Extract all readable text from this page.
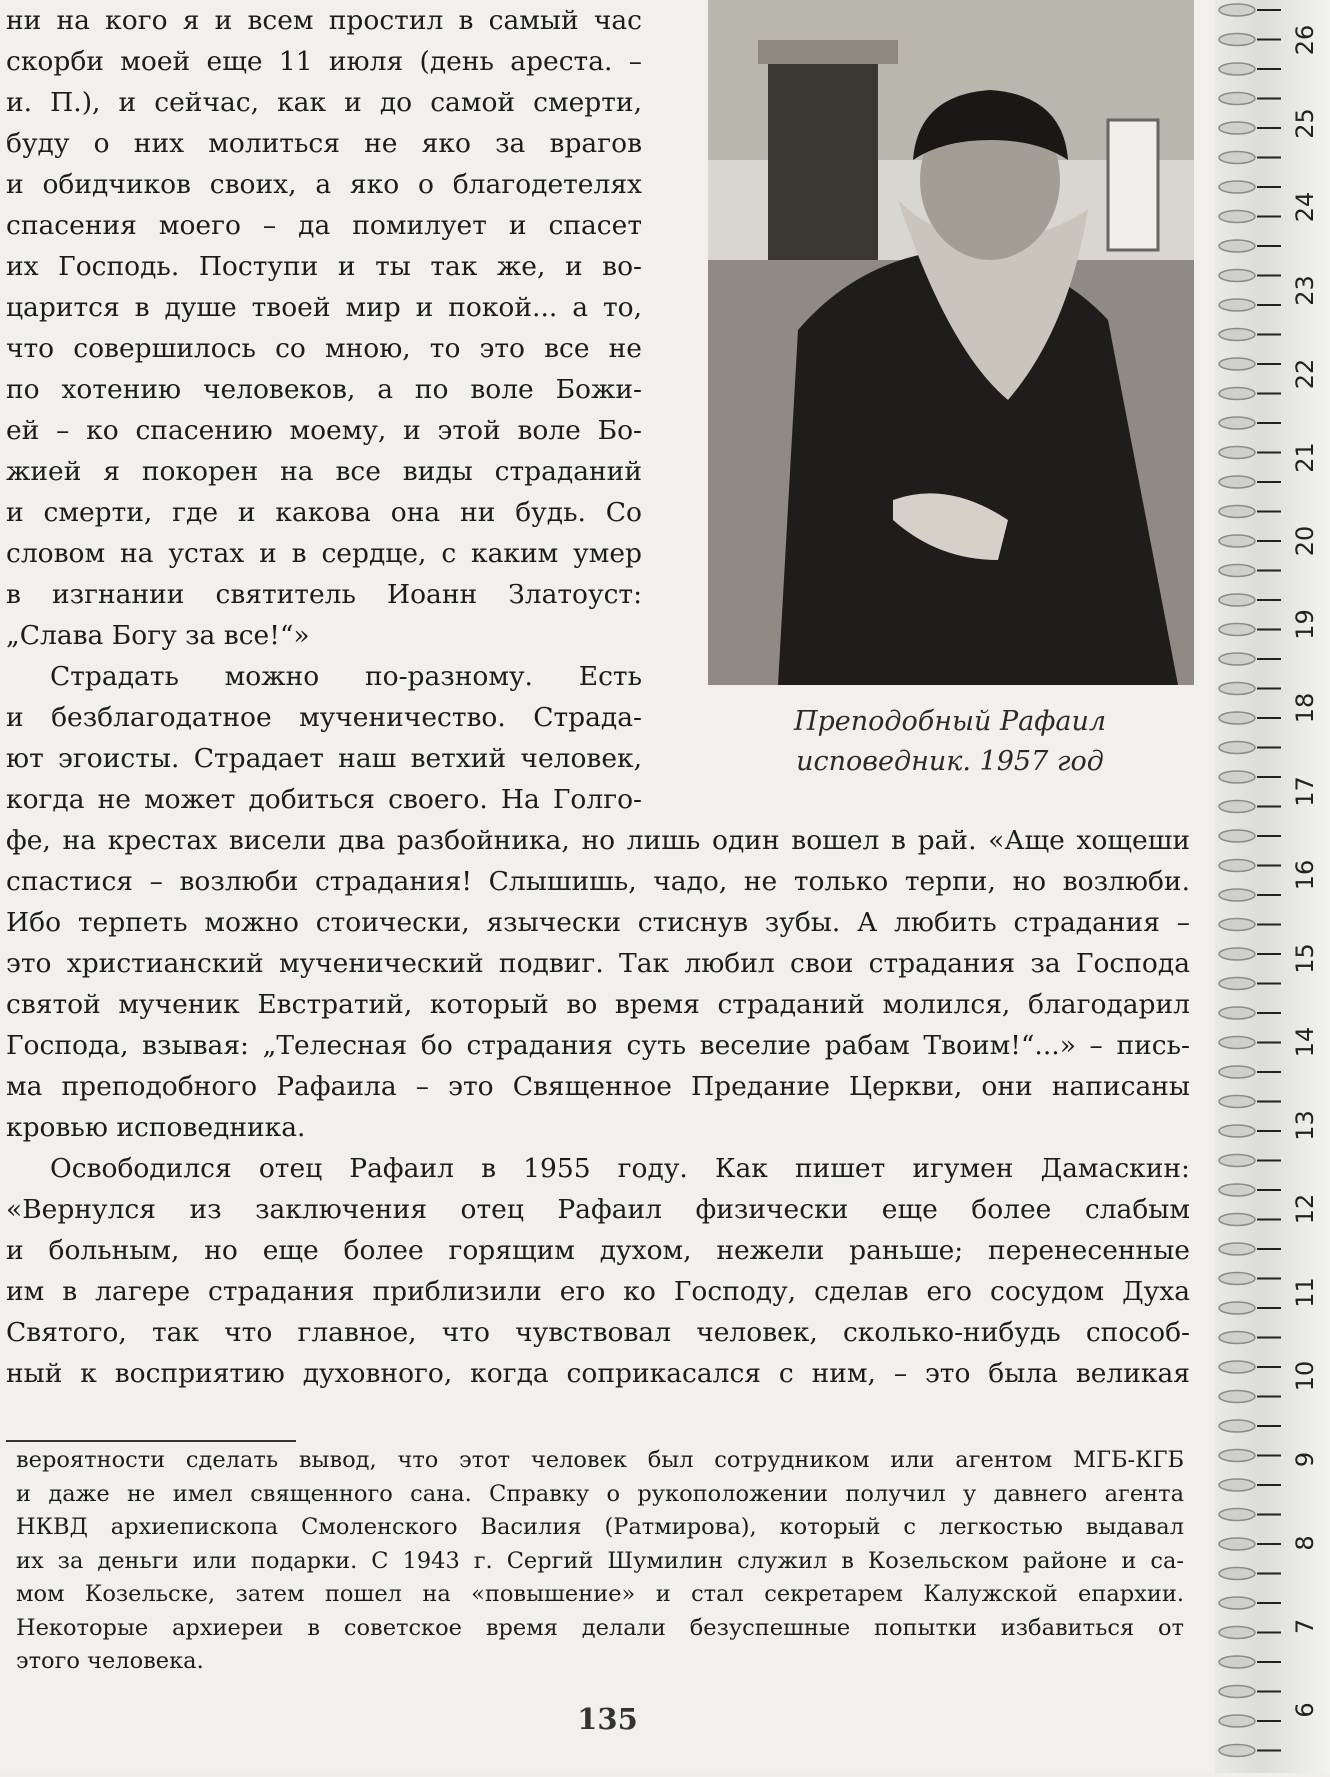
ни на кого я и всем простил в самый час
скорби моей еще 11 июля (день ареста. –
и. П.), и сейчас, как и до самой смерти,
буду о них молиться не яко за врагов
и обидчиков своих, а яко о благодетелях
спасения моего – да помилует и спасет
их Господь. Поступи и ты так же, и во-
царится в душе твоей мир и покой... а то,
что совершилось со мною, то это все не
по хотению человеков, а по воле Божи-
ей – ко спасению моему, и этой воле Бо-
жией я покорен на все виды страданий
и смерти, где и какова она ни будь. Со
словом на устах и в сердце, с каким умер
в изгнании святитель Иоанн Златоуст:
„Слава Богу за все!“»
Страдать можно по-разному. Есть
и безблагодатное мученичество. Страда-
ют эгоисты. Страдает наш ветхий человек,
когда не может добиться своего. На Голго-
Преподобный Рафаил
исповедник. 1957 год
фе, на крестах висели два разбойника, но лишь один вошел в рай. «Аще хощеши
спастися – возлюби страдания! Слышишь, чадо, не только терпи, но возлюби.
Ибо терпеть можно стоически, язычески стиснув зубы. А любить страдания –
это христианский мученический подвиг. Так любил свои страдания за Господа
святой мученик Евстратий, который во время страданий молился, благодарил
Господа, взывая: „Телесная бо страдания суть веселие рабам Твоим!“...» – пись-
ма преподобного Рафаила – это Священное Предание Церкви, они написаны
кровью исповедника.
Освободился отец Рафаил в 1955 году. Как пишет игумен Дамаскин:
«Вернулся из заключения отец Рафаил физически еще более слабым
и больным, но еще более горящим духом, нежели раньше; перенесенные
им в лагере страдания приблизили его ко Господу, сделав его сосудом Духа
Святого, так что главное, что чувствовал человек, сколько-нибудь способ-
ный к восприятию духовного, когда соприкасался с ним, – это была великая
вероятности сделать вывод, что этот человек был сотрудником или агентом МГБ-КГБ
и даже не имел священного сана. Справку о рукоположении получил у давнего агента
НКВД архиепископа Смоленского Василия (Ратмирова), который с легкостью выдавал
их за деньги или подарки. С 1943 г. Сергий Шумилин служил в Козельском районе и са-
мом Козельске, затем пошел на «повышение» и стал секретарем Калужской епархии.
Некоторые архиереи в советское время делали безуспешные попытки избавиться от
этого человека.
135
26
25
24
23
22
21
20
19
18
17
16
15
14
13
12
11
10
9
8
7
6
